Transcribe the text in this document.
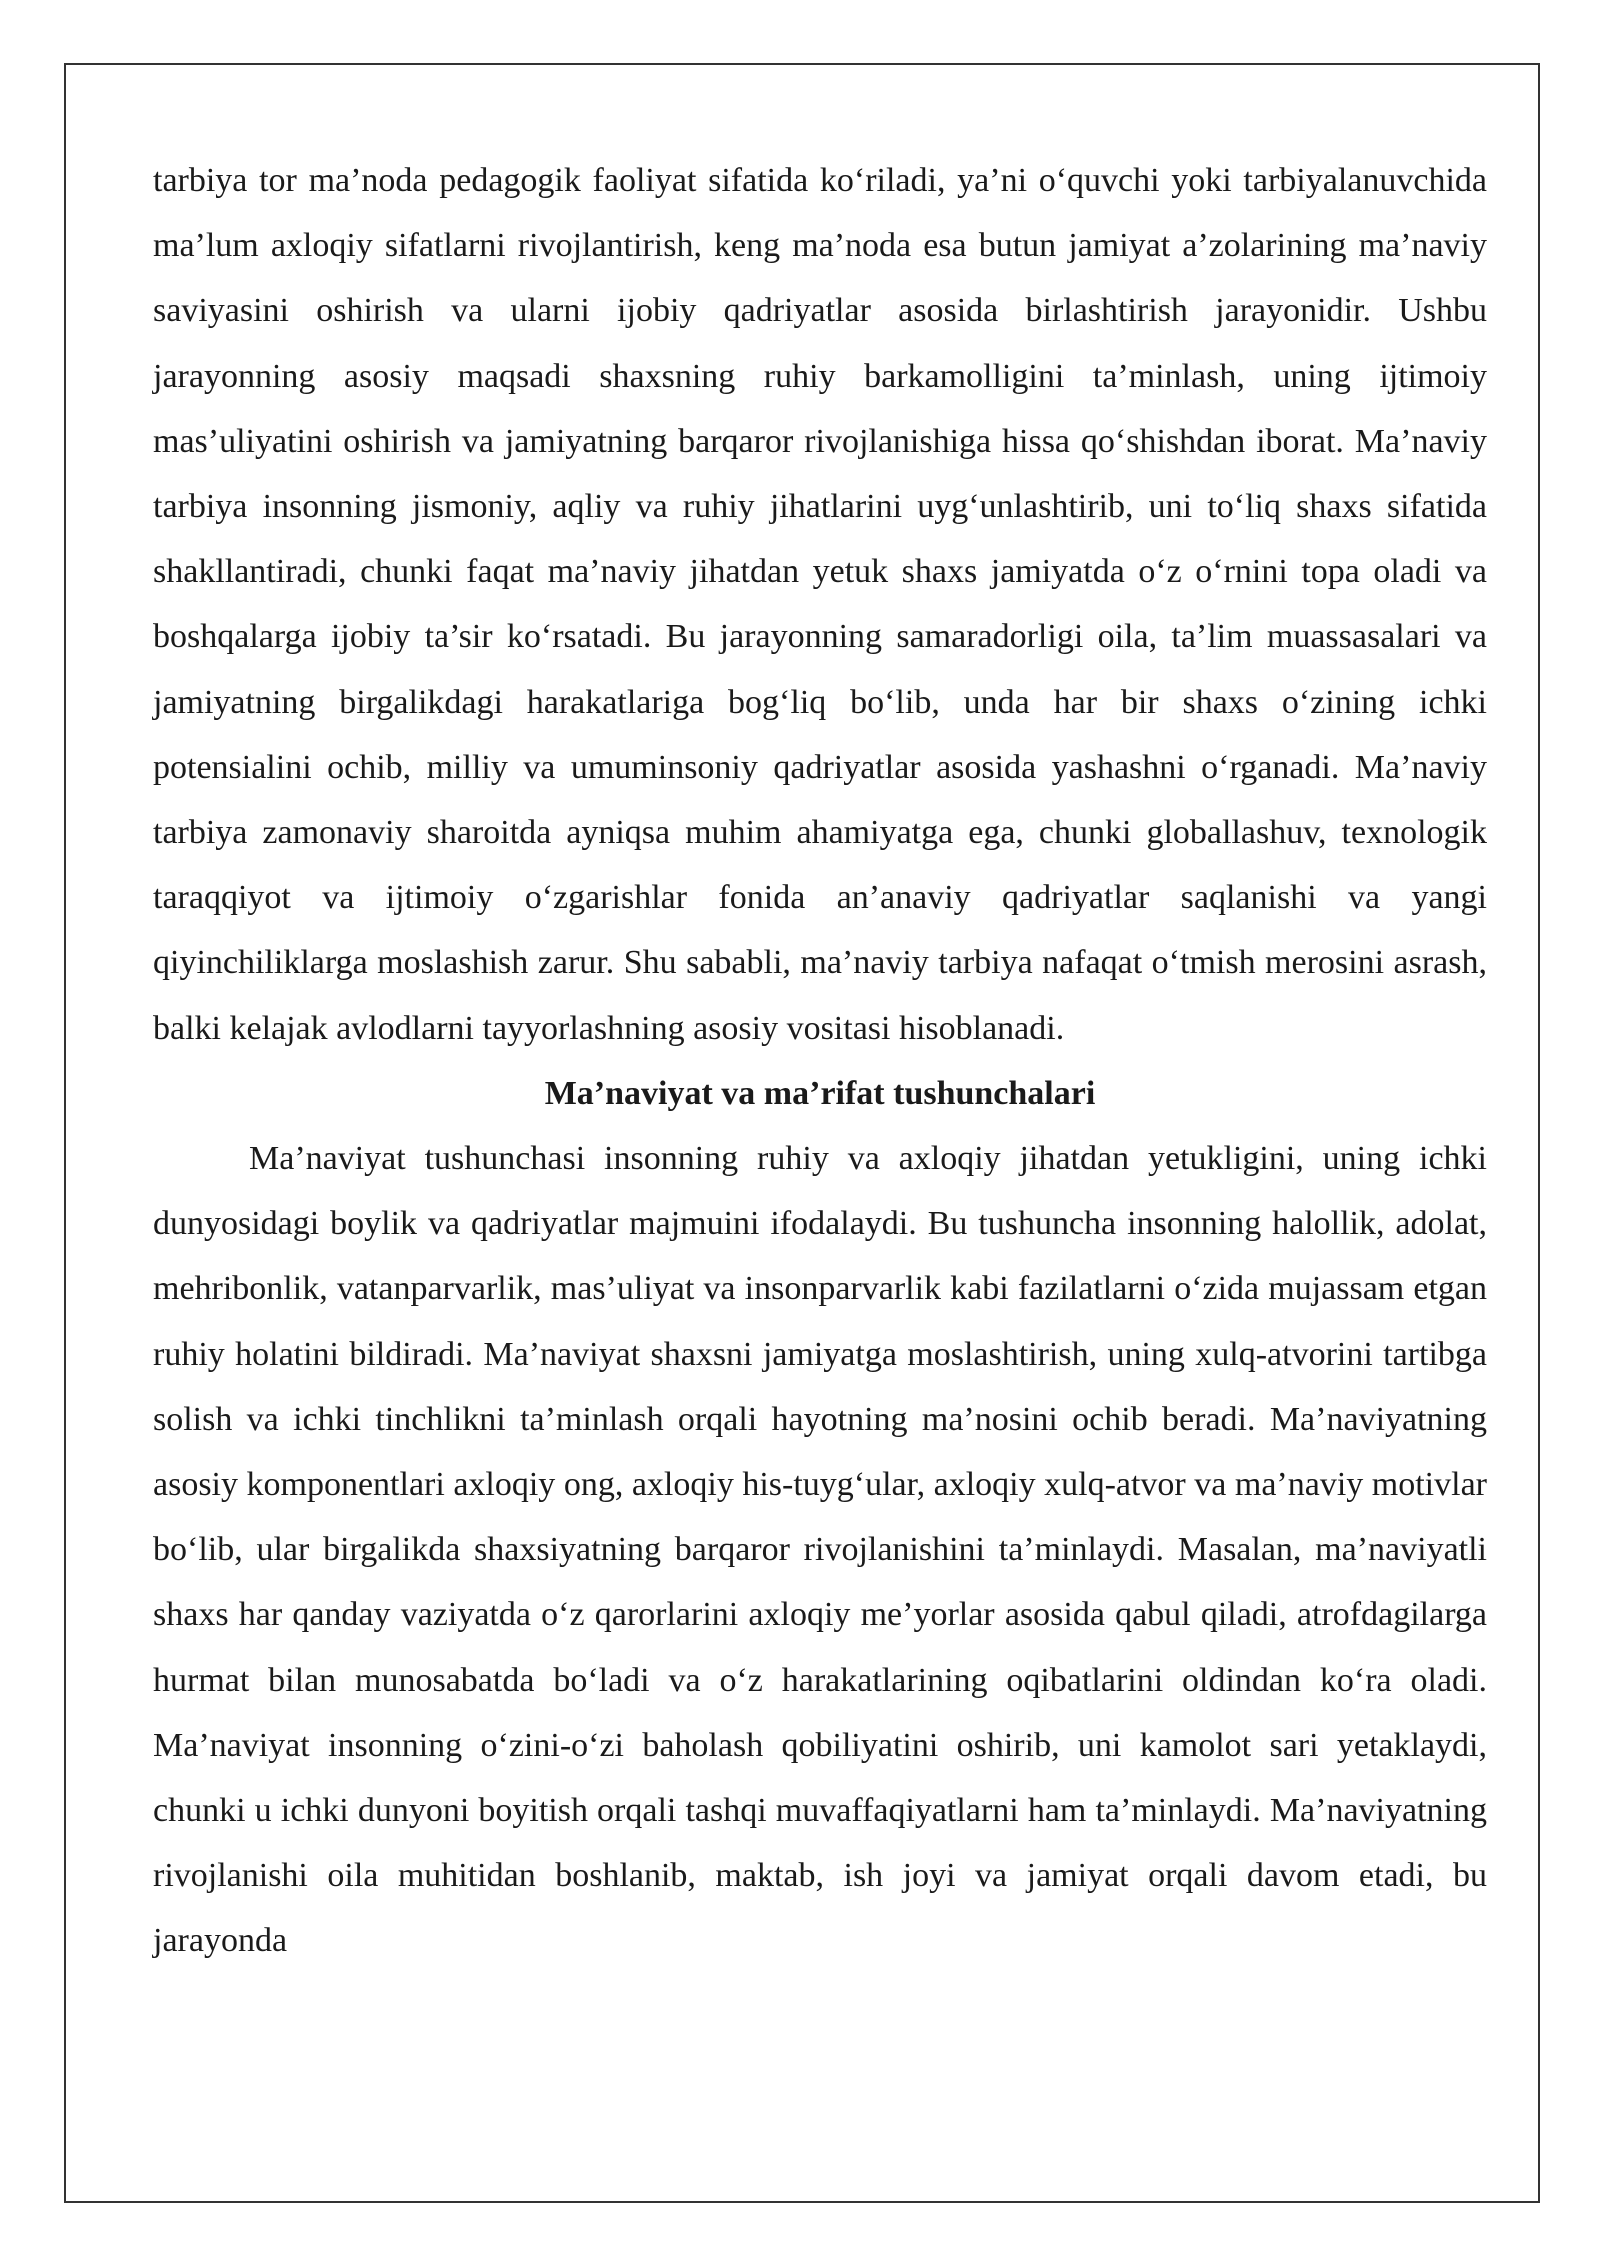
tarbiya tor ma’noda pedagogik faoliyat sifatida ko‘riladi, ya’ni o‘quvchi yoki tarbiyalanuvchida ma’lum axloqiy sifatlarni rivojlantirish, keng ma’noda esa butun jamiyat a’zolarining ma’naviy saviyasini oshirish va ularni ijobiy qadriyatlar asosida birlashtirish jarayonidir. Ushbu jarayonning asosiy maqsadi shaxsning ruhiy barkamolligini ta’minlash, uning ijtimoiy mas’uliyatini oshirish va jamiyatning barqaror rivojlanishiga hissa qo‘shishdan iborat. Ma’naviy tarbiya insonning jismoniy, aqliy va ruhiy jihatlarini uyg‘unlashtirib, uni to‘liq shaxs sifatida shakllantiradi, chunki faqat ma’naviy jihatdan yetuk shaxs jamiyatda o‘z o‘rnini topa oladi va boshqalarga ijobiy ta’sir ko‘rsatadi. Bu jarayonning samaradorligi oila, ta’lim muassasalari va jamiyatning birgalikdagi harakatlariga bog‘liq bo‘lib, unda har bir shaxs o‘zining ichki potensialini ochib, milliy va umuminsoniy qadriyatlar asosida yashashni o‘rganadi. Ma’naviy tarbiya zamonaviy sharoitda ayniqsa muhim ahamiyatga ega, chunki globallashuv, texnologik taraqqiyot va ijtimoiy o‘zgarishlar fonida an’anaviy qadriyatlar saqlanishi va yangi qiyinchiliklarga moslashish zarur. Shu sababli, ma’naviy tarbiya nafaqat o‘tmish merosini asrash, balki kelajak avlodlarni tayyorlashning asosiy vositasi hisoblanadi.

Ma’naviyat va ma’rifat tushunchalari

Ma’naviyat tushunchasi insonning ruhiy va axloqiy jihatdan yetukligini, uning ichki dunyosidagi boylik va qadriyatlar majmuini ifodalaydi. Bu tushuncha insonning halollik, adolat, mehribonlik, vatanparvarlik, mas’uliyat va insonparvarlik kabi fazilatlarni o‘zida mujassam etgan ruhiy holatini bildiradi. Ma’naviyat shaxsni jamiyatga moslashtirish, uning xulq-atvorini tartibga solish va ichki tinchlikni ta’minlash orqali hayotning ma’nosini ochib beradi. Ma’naviyatning asosiy komponentlari axloqiy ong, axloqiy his-tuyg‘ular, axloqiy xulq-atvor va ma’naviy motivlar bo‘lib, ular birgalikda shaxsiyatning barqaror rivojlanishini ta’minlaydi. Masalan, ma’naviyatli shaxs har qanday vaziyatda o‘z qarorlarini axloqiy me’yorlar asosida qabul qiladi, atrofdagilarga hurmat bilan munosabatda bo‘ladi va o‘z harakatlarining oqibatlarini oldindan ko‘ra oladi. Ma’naviyat insonning o‘zini-o‘zi baholash qobiliyatini oshirib, uni kamolot sari yetaklaydi, chunki u ichki dunyoni boyitish orqali tashqi muvaffaqiyatlarni ham ta’minlaydi. Ma’naviyatning rivojlanishi oila muhitidan boshlanib, maktab, ish joyi va jamiyat orqali davom etadi, bu jarayonda
